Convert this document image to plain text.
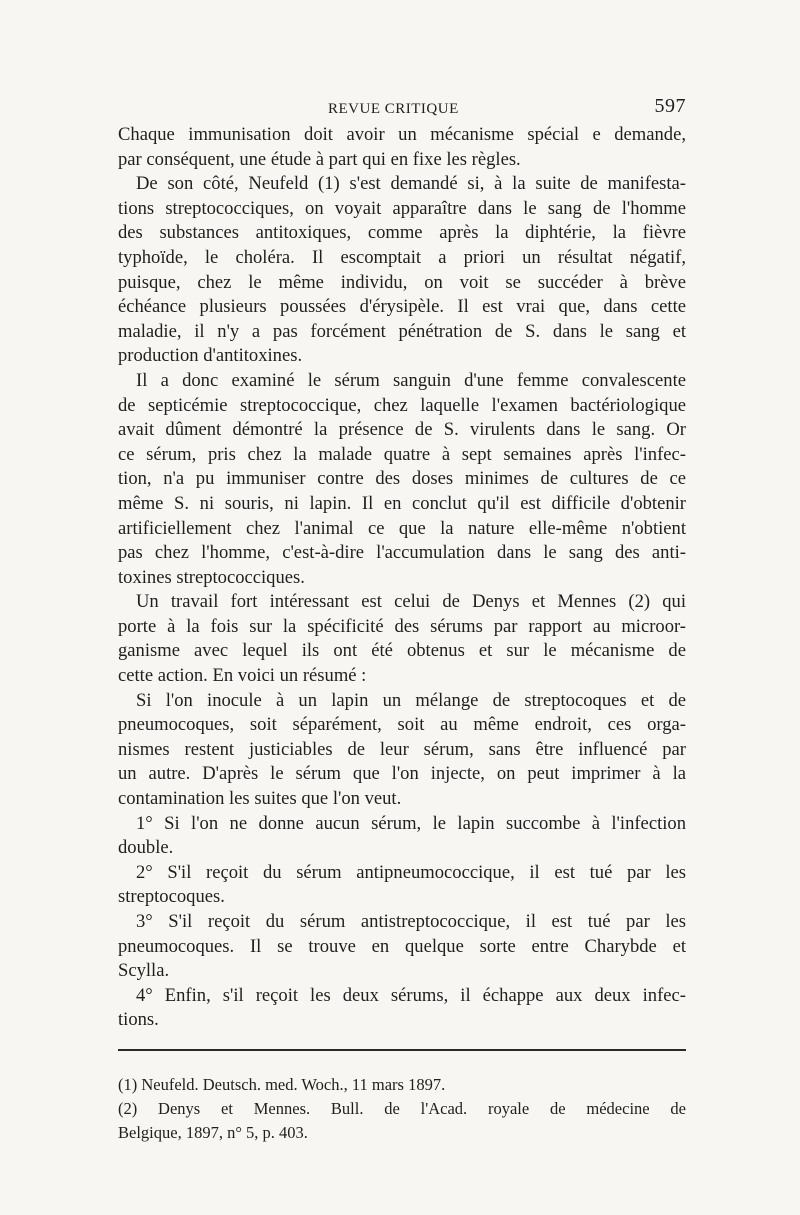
REVUE CRITIQUE	597

Chaque immunisation doit avoir un mécanisme spécial e demande,
par conséquent, une étude à part qui en fixe les règles.

De son côté, Neufeld (1) s'est demandé si, à la suite de manifesta-
tions streptococciques, on voyait apparaître dans le sang de l'homme
des substances antitoxiques, comme après la diphtérie, la fièvre
typhoïde, le choléra. Il escomptait a priori un résultat négatif,
puisque, chez le même individu, on voit se succéder à brève
échéance plusieurs poussées d'érysipèle. Il est vrai que, dans cette
maladie, il n'y a pas forcément pénétration de S. dans le sang et
production d'antitoxines.

Il a donc examiné le sérum sanguin d'une femme convalescente
de septicémie streptococcique, chez laquelle l'examen bactériologique
avait dûment démontré la présence de S. virulents dans le sang. Or
ce sérum, pris chez la malade quatre à sept semaines après l'infec-
tion, n'a pu immuniser contre des doses minimes de cultures de ce
même S. ni souris, ni lapin. Il en conclut qu'il est difficile d'obtenir
artificiellement chez l'animal ce que la nature elle-même n'obtient
pas chez l'homme, c'est-à-dire l'accumulation dans le sang des anti-
toxines streptococciques.

Un travail fort intéressant est celui de Denys et Mennes (2) qui
porte à la fois sur la spécificité des sérums par rapport au microor-
ganisme avec lequel ils ont été obtenus et sur le mécanisme de
cette action. En voici un résumé :

Si l'on inocule à un lapin un mélange de streptocoques et de
pneumocoques, soit séparément, soit au même endroit, ces orga-
nismes restent justiciables de leur sérum, sans être influencé par
un autre. D'après le sérum que l'on injecte, on peut imprimer à la
contamination les suites que l'on veut.

1° Si l'on ne donne aucun sérum, le lapin succombe à l'infection
double.

2° S'il reçoit du sérum antipneumococcique, il est tué par les
streptocoques.

3° S'il reçoit du sérum antistreptococcique, il est tué par les
pneumocoques. Il se trouve en quelque sorte entre Charybde et
Scylla.

4° Enfin, s'il reçoit les deux sérums, il échappe aux deux infec-
tions.

(1) Neufeld. Deutsch. med. Woch., 11 mars 1897.
(2) Denys et Mennes. Bull. de l'Acad. royale de médecine de
Belgique, 1897, n° 5, p. 403.
